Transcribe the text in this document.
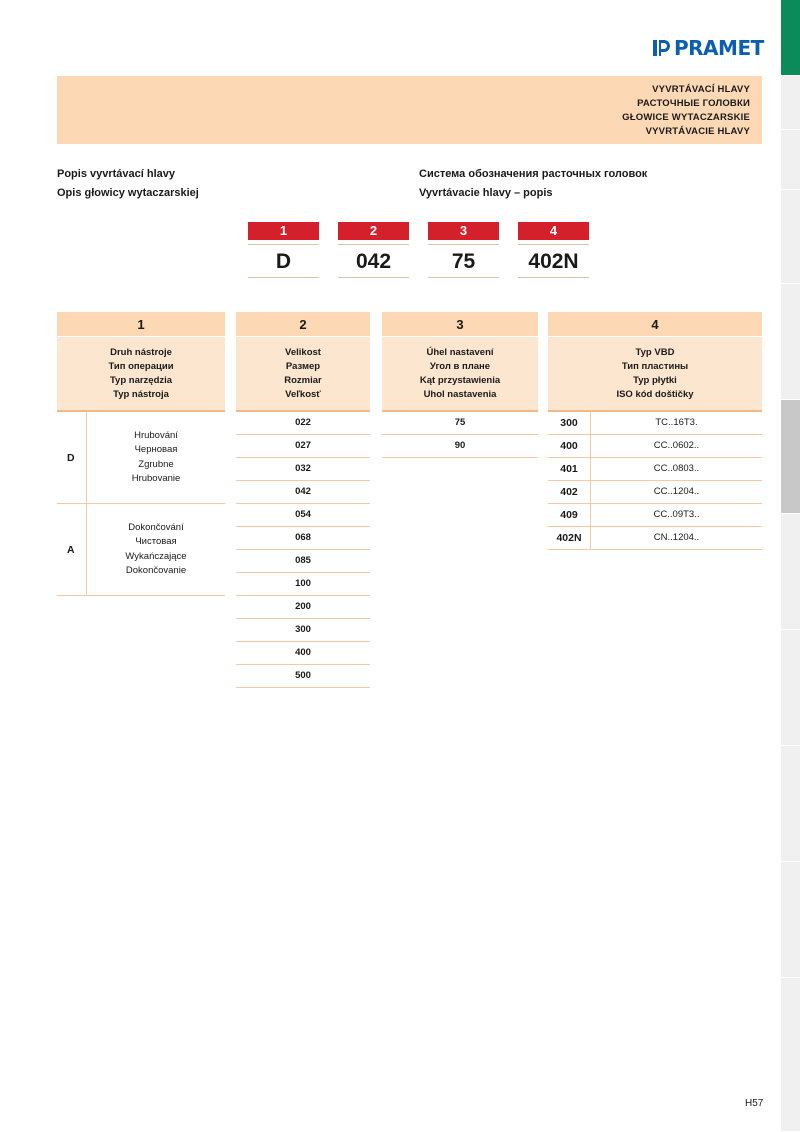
PRAMET
VYVRTÁVACÍ HLAVY
РАСТОЧНЫЕ ГОЛОВКИ
GŁOWICE WYTACZARSKIE
VYVRTÁVACIE HLAVY
Popis vyvrtávací hlavy
Opis głowicy wytaczarskiej
Система обозначения расточных головок
Vyvrtávacie hlavy – popis
1
D
2
042
3
75
4
402N
1
Druh nástroje
Тип операции
Typ narzędzia
Typ nástroja
D
Hrubování
Черновая
Zgrubne
Hrubovanie
A
Dokončování
Чистовая
Wykańczające
Dokončovanie
2
Velikost
Размер
Rozmiar
Veľkosť
022
027
032
042
054
068
085
100
200
300
400
500
3
Úhel nastavení
Угол в плане
Kąt przystawienia
Uhol nastavenia
75
90
4
Typ VBD
Тип пластины
Typ płytki
ISO kód doštičky
300	TC..16T3.
400	CC..0602..
401	CC..0803..
402	CC..1204..
409	CC..09T3..
402N	CN..1204..
H57
